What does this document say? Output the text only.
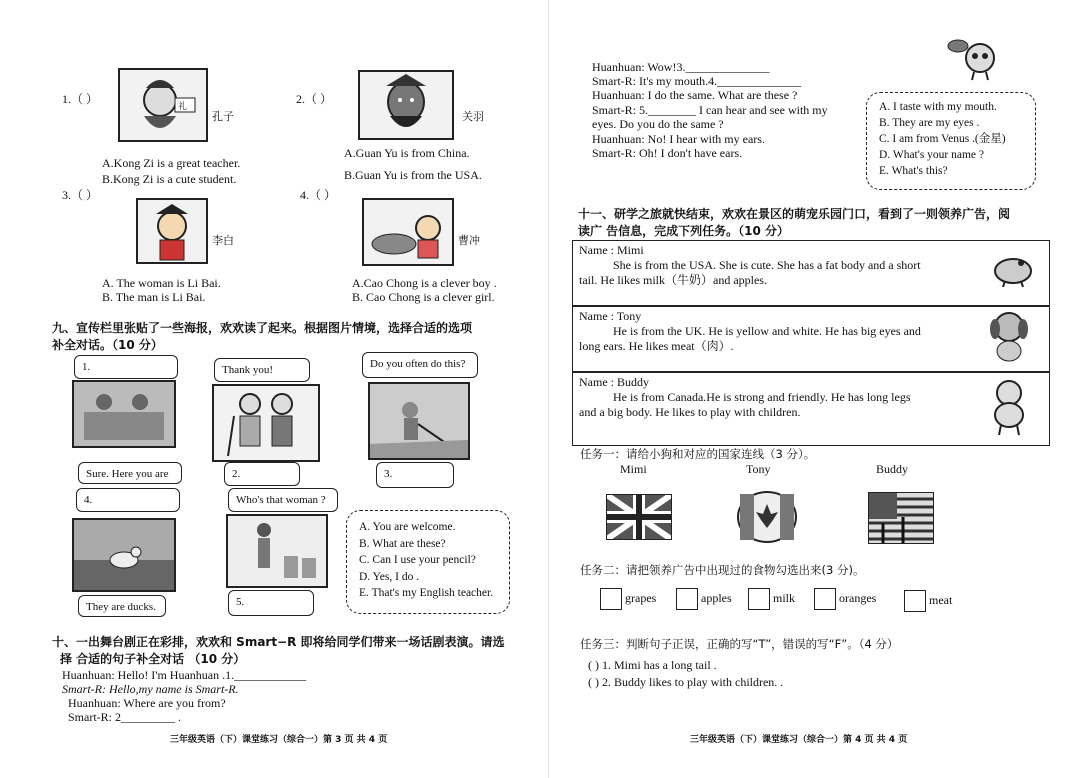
1.（ ）	礼
孔子
A.Kong Zi is a great teacher.
B.Kong Zi is a cute student.
2.（ ）
关羽
A.Guan Yu is from China.
B.Guan Yu is from the USA.
3.（ ）
李白
A. The woman is Li Bai.
B. The man is Li Bai.
4.（ ）
曹冲
A.Cao Chong is a clever boy .
B. Cao Chong is a clever girl.
九、宣传栏里张贴了一些海报，欢欢读了起来。根据图片情境，选择合适的选项
补全对话。（10 分）
1.
Sure. Here you are
Thank you!
2.
Do you often do this?
3.
4.
They are ducks.
Who's that woman ?
5.
A. You are welcome.
B. What are these?
C. Can I use your pencil?
D. Yes, I do .
E. That's my English teacher.
十、一出舞台剧正在彩排，欢欢和 Smart−R 即将给同学们带来一场话剧表演。请选
择 合适的句子补全对话 （10 分）
Huanhuan: Hello! I'm Huanhuan .1.____________
Smart-R: Hello,my name is Smart-R.
Huanhuan: Where are you from?
Smart-R: 2_________ .
三年级英语（下）课堂练习（综合一）第 3 页 共 4 页
Huanhuan: Wow!3.______________
Smart-R: It's my mouth.4.______________
Huanhuan: I do the same. What are these ?
Smart-R: 5.________ I can hear and see with my
eyes. Do you do the same ?
Huanhuan: No! I hear with my ears.
Smart-R: Oh! I don't have ears.
A. I taste with my mouth.
B. They are my eyes .
C. I am from Venus .(金星)
D. What's your name ?
E. What's this?
十一、研学之旅就快结束，欢欢在景区的萌宠乐园门口，看到了一则领养广告，阅
读广 告信息，完成下列任务。（10 分）
Name : Mimi
She is from the USA. She is cute. She has a fat body and a short
tail. He likes milk（牛奶）and apples.
Name : Tony
He is from the UK. He is yellow and white. He has big eyes and
long ears. He likes meat（肉）.
Name : Buddy
He is from Canada.He is strong and friendly. He has long legs
and a big body. He likes to play with children.
任务一：请给小狗和对应的国家连线（3 分）。
Mimi	Tony	Buddy
任务二：请把领养广告中出现过的食物勾选出来(3 分)。
grapes	apples	milk	oranges	meat
任务三：判断句子正误，正确的写“T”，错误的写“F”。（4 分）
( ) 1. Mimi has a long tail .
( ) 2. Buddy likes to play with children. .
三年级英语（下）课堂练习（综合一）第 4 页 共 4 页
